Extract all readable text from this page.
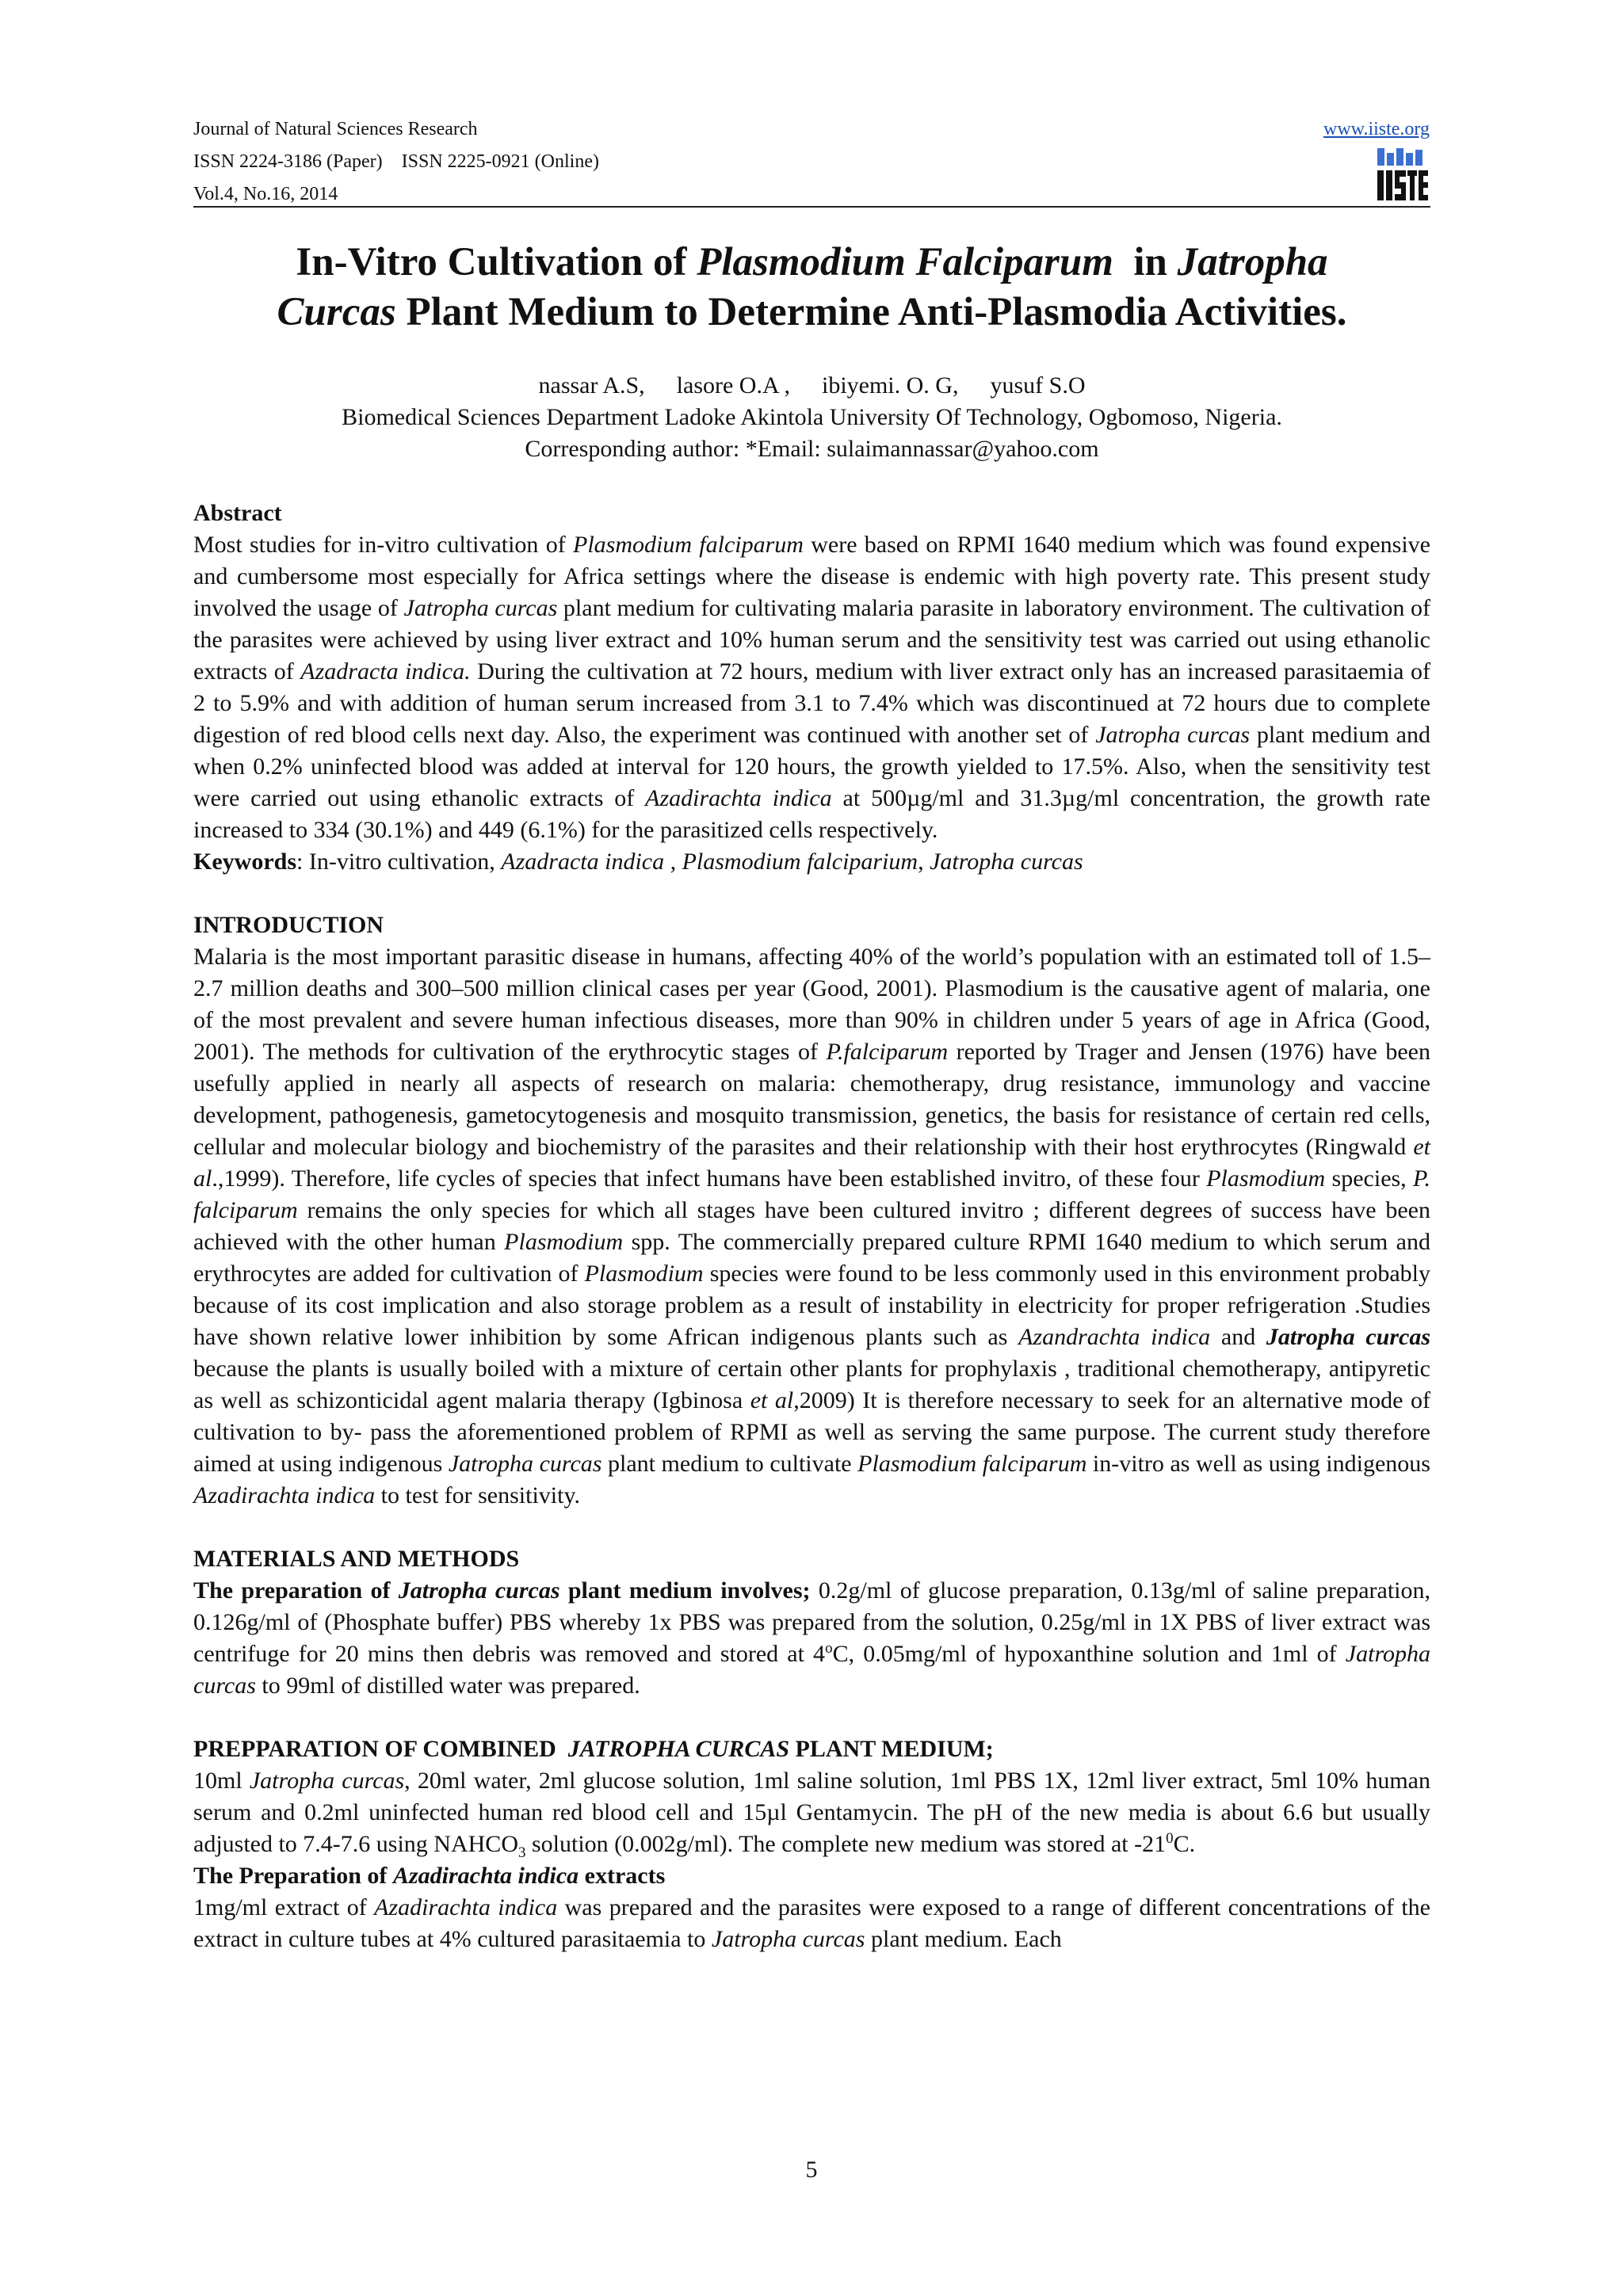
Journal of Natural Sciences Research
ISSN 2224-3186 (Paper)    ISSN 2225-0921 (Online)
Vol.4, No.16, 2014
www.iiste.org
In-Vitro Cultivation of Plasmodium Falciparum  in Jatropha
Curcas Plant Medium to Determine Anti-Plasmodia Activities.
nassar A.S, lasore O.A , ibiyemi. O. G, yusuf S.O
Biomedical Sciences Department Ladoke Akintola University Of Technology, Ogbomoso, Nigeria.
Corresponding author: *Email: sulaimannassar@yahoo.com
Abstract

Most studies for in-vitro cultivation of Plasmodium falciparum were based on RPMI 1640 medium which was found expensive and cumbersome most especially for Africa settings where the disease is endemic with high poverty rate. This present study involved the usage of Jatropha curcas plant medium for cultivating malaria parasite in laboratory environment. The cultivation of the parasites were achieved by using liver extract and 10% human serum and the sensitivity test was carried out using ethanolic extracts of Azadracta indica. During the cultivation at 72 hours, medium with liver extract only has an increased parasitaemia of 2 to 5.9% and with addition of human serum increased from 3.1 to 7.4% which was discontinued at 72 hours due to complete digestion of red blood cells next day. Also, the experiment was continued with another set of Jatropha curcas plant medium and when 0.2% uninfected blood was added at interval for 120 hours, the growth yielded to 17.5%. Also, when the sensitivity test were carried out using ethanolic extracts of Azadirachta indica at 500µg/ml and 31.3µg/ml concentration, the growth rate increased to 334 (30.1%) and 449 (6.1%) for the parasitized cells respectively.

Keywords: In-vitro cultivation, Azadracta indica , Plasmodium falciparium, Jatropha curcas

INTRODUCTION

Malaria is the most important parasitic disease in humans, affecting 40% of the world’s population with an estimated toll of 1.5–2.7 million deaths and 300–500 million clinical cases per year (Good, 2001). Plasmodium is the causative agent of malaria, one of the most prevalent and severe human infectious diseases, more than 90% in children under 5 years of age in Africa (Good, 2001). The methods for cultivation of the erythrocytic stages of P.falciparum reported by Trager and Jensen (1976) have been usefully applied in nearly all aspects of research on malaria: chemotherapy, drug resistance, immunology and vaccine development, pathogenesis, gametocytogenesis and mosquito transmission, genetics, the basis for resistance of certain red cells, cellular and molecular biology and biochemistry of the parasites and their relationship with their host erythrocytes (Ringwald et al.,1999). Therefore, life cycles of species that infect humans have been established invitro, of these four Plasmodium species, P. falciparum remains the only species for which all stages have been cultured invitro ; different degrees of success have been achieved with the other human Plasmodium spp. The commercially prepared culture RPMI 1640 medium to which serum and erythrocytes are added for cultivation of Plasmodium species were found to be less commonly used in this environment probably because of its cost implication and also storage problem as a result of instability in electricity for proper refrigeration .Studies have shown relative lower inhibition by some African indigenous plants such as Azandrachta indica and Jatropha curcas because the plants is usually boiled with a mixture of certain other plants for prophylaxis , traditional chemotherapy, antipyretic as well as schizonticidal agent malaria therapy (Igbinosa et al,2009) It is therefore necessary to seek for an alternative mode of cultivation to by- pass the aforementioned problem of RPMI as well as serving the same purpose. The current study therefore aimed at using indigenous Jatropha curcas plant medium to cultivate Plasmodium falciparum in-vitro as well as using indigenous Azadirachta indica to test for sensitivity.

MATERIALS AND METHODS

The preparation of Jatropha curcas plant medium involves; 0.2g/ml of glucose preparation, 0.13g/ml of saline preparation, 0.126g/ml of (Phosphate buffer) PBS whereby 1x PBS was prepared from the solution, 0.25g/ml in 1X PBS of liver extract was centrifuge for 20 mins then debris was removed and stored at 4$^o$C, 0.05mg/ml of hypoxanthine solution and 1ml of Jatropha curcas to 99ml of distilled water was prepared.

PREPPARATION OF COMBINED  JATROPHA CURCAS PLANT MEDIUM;

10ml Jatropha curcas, 20ml water, 2ml glucose solution, 1ml saline solution, 1ml PBS 1X, 12ml liver extract, 5ml 10% human serum and 0.2ml uninfected human red blood cell and 15µl Gentamycin. The pH of the new media is about 6.6 but usually adjusted to 7.4-7.6 using $NAHCO_3$ solution (0.002g/ml). The complete new medium was stored at $-21^0C$.

The Preparation of Azadirachta indica extracts

1mg/ml extract of Azadirachta indica was prepared and the parasites were exposed to a range of different concentrations of the extract in culture tubes at 4% cultured parasitaemia to Jatropha curcas plant medium. Each

5
